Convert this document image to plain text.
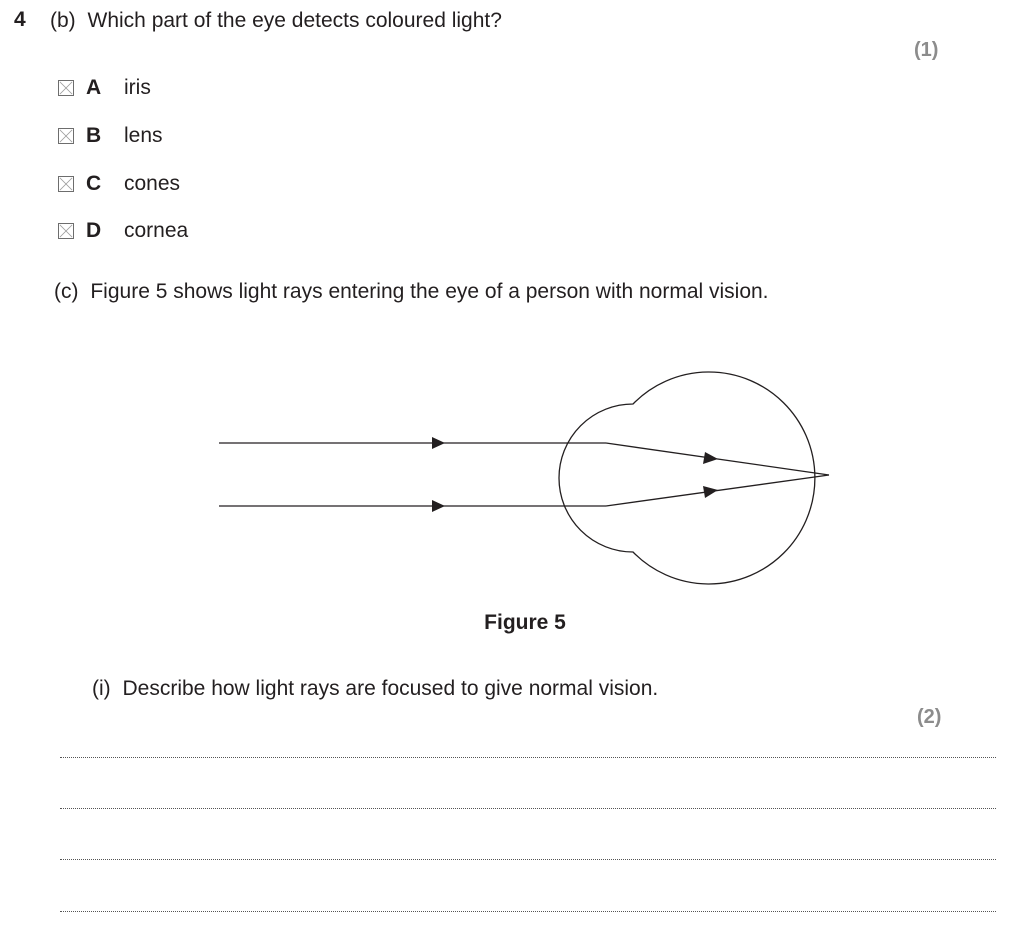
4 (b) Which part of the eye detects coloured light?
(1)
A	iris
B	lens
C	cones
D	cornea
(c) Figure 5 shows light rays entering the eye of a person with normal vision.
Figure 5
(i) Describe how light rays are focused to give normal vision.
(2)
